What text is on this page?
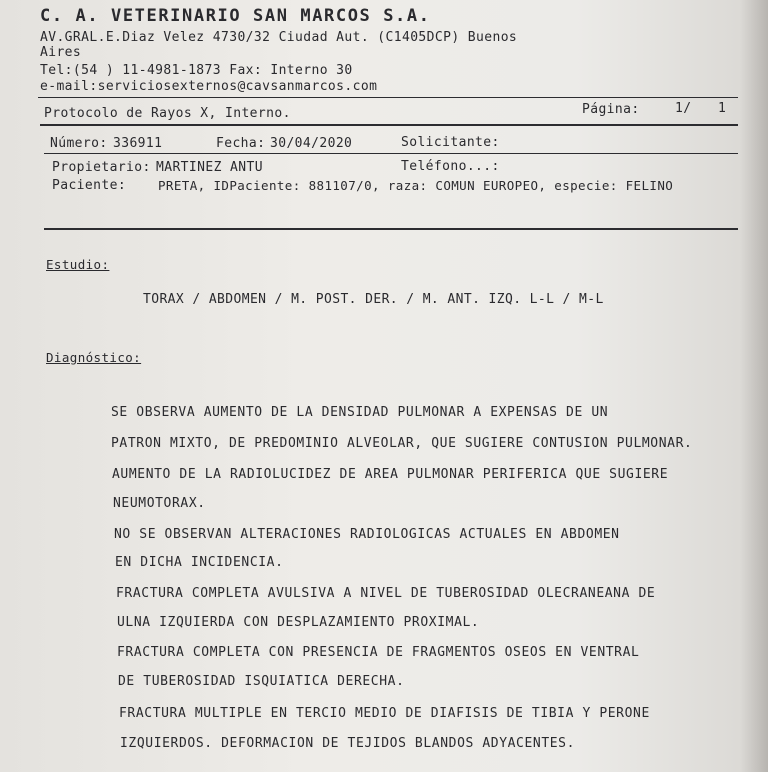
C. A. VETERINARIO SAN MARCOS S.A.
AV.GRAL.E.Diaz Velez 4730/32 Ciudad Aut. (C1405DCP) Buenos
Aires
Tel:(54 ) 11-4981-1873 Fax: Interno 30
e-mail:serviciosexternos@cavsanmarcos.com
Protocolo de Rayos X, Interno.	Página:	1/ 1
Número: 336911	Fecha: 30/04/2020	Solicitante:
Propietario: MARTINEZ ANTU	Teléfono...:
Paciente:	PRETA, IDPaciente: 881107/0, raza: COMUN EUROPEO, especie: FELINO
Estudio:
TORAX / ABDOMEN / M. POST. DER. / M. ANT. IZQ. L-L / M-L
Diagnóstico:
SE OBSERVA AUMENTO DE LA DENSIDAD PULMONAR A EXPENSAS DE UN
PATRON MIXTO, DE PREDOMINIO ALVEOLAR, QUE SUGIERE CONTUSION PULMONAR.
AUMENTO DE LA RADIOLUCIDEZ DE AREA PULMONAR PERIFERICA QUE SUGIERE
NEUMOTORAX.
NO SE OBSERVAN ALTERACIONES RADIOLOGICAS ACTUALES EN ABDOMEN
EN DICHA INCIDENCIA.
FRACTURA COMPLETA AVULSIVA A NIVEL DE TUBEROSIDAD OLECRANEANA DE
ULNA IZQUIERDA CON DESPLAZAMIENTO PROXIMAL.
FRACTURA COMPLETA CON PRESENCIA DE FRAGMENTOS OSEOS EN VENTRAL
DE TUBEROSIDAD ISQUIATICA DERECHA.
FRACTURA MULTIPLE EN TERCIO MEDIO DE DIAFISIS DE TIBIA Y PERONE
IZQUIERDOS. DEFORMACION DE TEJIDOS BLANDOS ADYACENTES.
